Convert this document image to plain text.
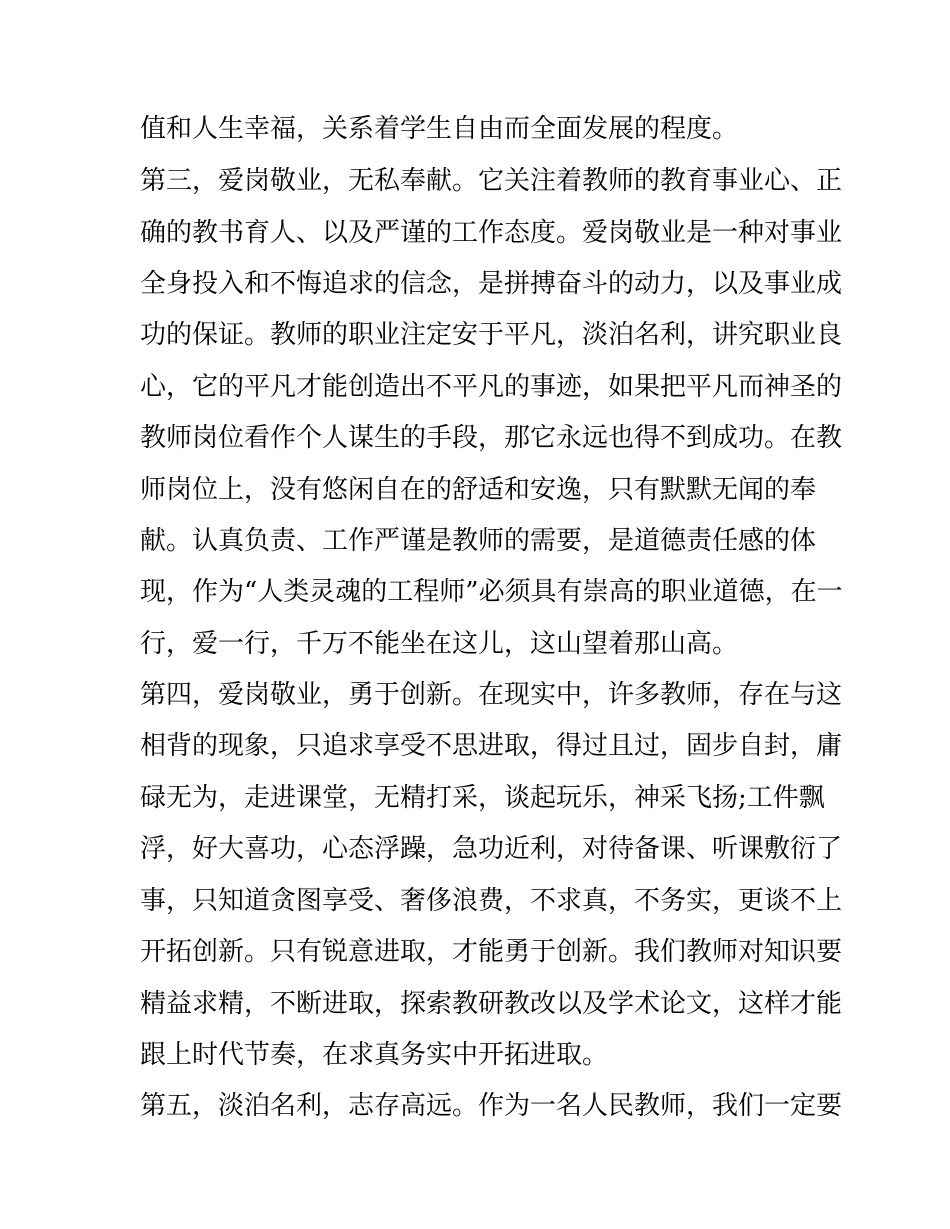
值和人生幸福，关系着学生自由而全面发展的程度。
第三，爱岗敬业，无私奉献。它关注着教师的教育事业心、正
确的教书育人、以及严谨的工作态度。爱岗敬业是一种对事业
全身投入和不悔追求的信念，是拼搏奋斗的动力，以及事业成
功的保证。教师的职业注定安于平凡，淡泊名利，讲究职业良
心，它的平凡才能创造出不平凡的事迹，如果把平凡而神圣的
教师岗位看作个人谋生的手段，那它永远也得不到成功。在教
师岗位上，没有悠闲自在的舒适和安逸，只有默默无闻的奉
献。认真负责、工作严谨是教师的需要，是道德责任感的体
现，作为“人类灵魂的工程师”必须具有崇高的职业道德，在一
行，爱一行，千万不能坐在这儿，这山望着那山高。
第四，爱岗敬业，勇于创新。在现实中，许多教师，存在与这
相背的现象，只追求享受不思进取，得过且过，固步自封，庸
碌无为，走进课堂，无精打采，谈起玩乐，神采飞扬;工件飘
浮，好大喜功，心态浮躁，急功近利，对待备课、听课敷衍了
事，只知道贪图享受、奢侈浪费，不求真，不务实，更谈不上
开拓创新。只有锐意进取，才能勇于创新。我们教师对知识要
精益求精，不断进取，探索教研教改以及学术论文，这样才能
跟上时代节奏，在求真务实中开拓进取。
第五，淡泊名利，志存高远。作为一名人民教师，我们一定要
